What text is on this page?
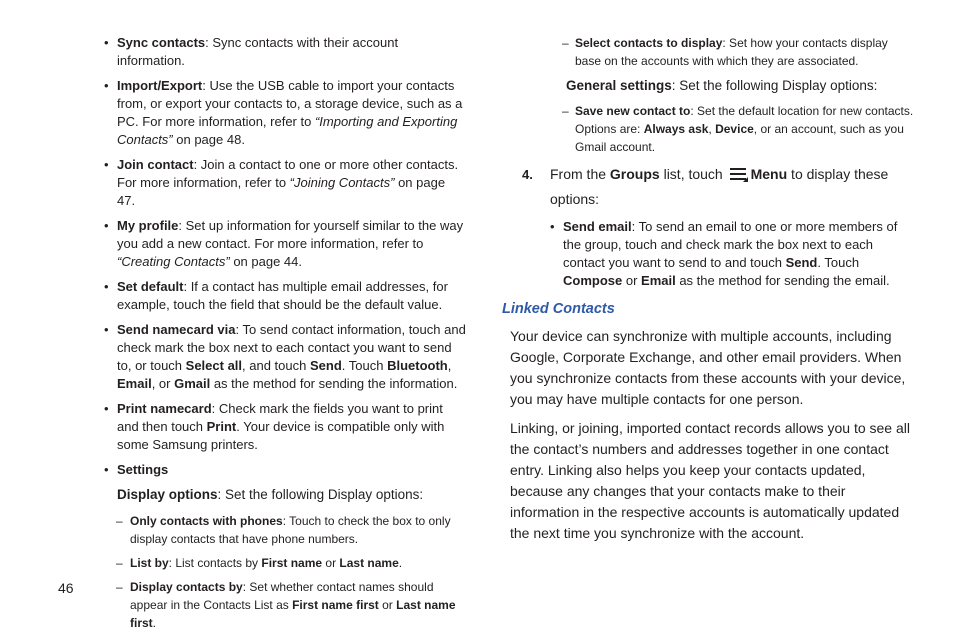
• Sync contacts: Sync contacts with their account information.

• Import/Export: Use the USB cable to import your contacts from, or export your contacts to, a storage device, such as a PC. For more information, refer to “Importing and Exporting Contacts” on page 48.

• Join contact: Join a contact to one or more other contacts. For more information, refer to “Joining Contacts” on page 47.

• My profile: Set up information for yourself similar to the way you add a new contact. For more information, refer to “Creating Contacts” on page 44.

• Set default: If a contact has multiple email addresses, for example, touch the field that should be the default value.

• Send namecard via: To send contact information, touch and check mark the box next to each contact you want to send to, or touch Select all, and touch Send. Touch Bluetooth, Email, or Gmail as the method for sending the information.

• Print namecard: Check mark the fields you want to print and then touch Print. Your device is compatible only with some Samsung printers.

• Settings

Display options: Set the following Display options:

– Only contacts with phones: Touch to check the box to only display contacts that have phone numbers.

– List by: List contacts by First name or Last name.

– Display contacts by: Set whether contact names should appear in the Contacts List as First name first or Last name first.

– Select contacts to display: Set how your contacts display base on the accounts with which they are associated.

General settings: Set the following Display options:

– Save new contact to: Set the default location for new contacts. Options are: Always ask, Device, or an account, such as you Gmail account.

4. From the Groups list, touch Menu to display these options:

• Send email: To send an email to one or more members of the group, touch and check mark the box next to each contact you want to send to and touch Send. Touch Compose or Email as the method for sending the email.

Linked Contacts

Your device can synchronize with multiple accounts, including Google, Corporate Exchange, and other email providers. When you synchronize contacts from these accounts with your device, you may have multiple contacts for one person.

Linking, or joining, imported contact records allows you to see all the contact’s numbers and addresses together in one contact entry. Linking also helps you keep your contacts updated, because any changes that your contacts make to their information in the respective accounts is automatically updated the next time you synchronize with the account.

46
